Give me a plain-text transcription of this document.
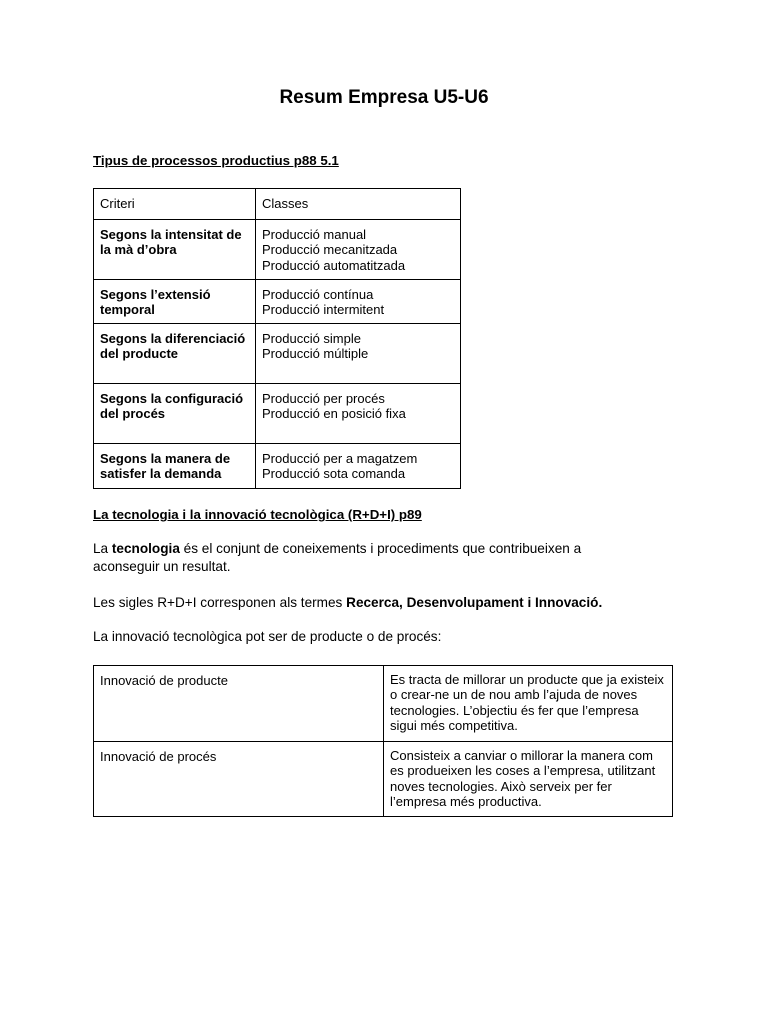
Resum Empresa U5-U6
Tipus de processos productius p88 5.1
Criteri	Classes
Segons la intensitat de la mà d’obra	Producció manual
Producció mecanitzada
Producció automatitzada

Segons l’extensió temporal	Producció contínua
Producció intermitent

Segons la diferenciació del producte	Producció simple
Producció múltiple

Segons la configuració del procés	Producció per procés
Producció en posició fixa

Segons la manera de satisfer la demanda	Producció per a magatzem
Producció sota comanda
La tecnologia i la innovació tecnològica (R+D+I) p89
La tecnologia és el conjunt de coneixements i procediments que contribueixen a aconseguir un resultat.
Les sigles R+D+I corresponen als termes Recerca, Desenvolupament i Innovació.
La innovació tecnològica pot ser de producte o de procés:
Innovació de producte	Es tracta de millorar un producte que ja existeix o crear-ne un de nou amb l’ajuda de noves tecnologies. L’objectiu és fer que l’empresa sigui més competitiva.
Innovació de procés	Consisteix a canviar o millorar la manera com es produeixen les coses a l’empresa, utilitzant noves tecnologies. Això serveix per fer l’empresa més productiva.
